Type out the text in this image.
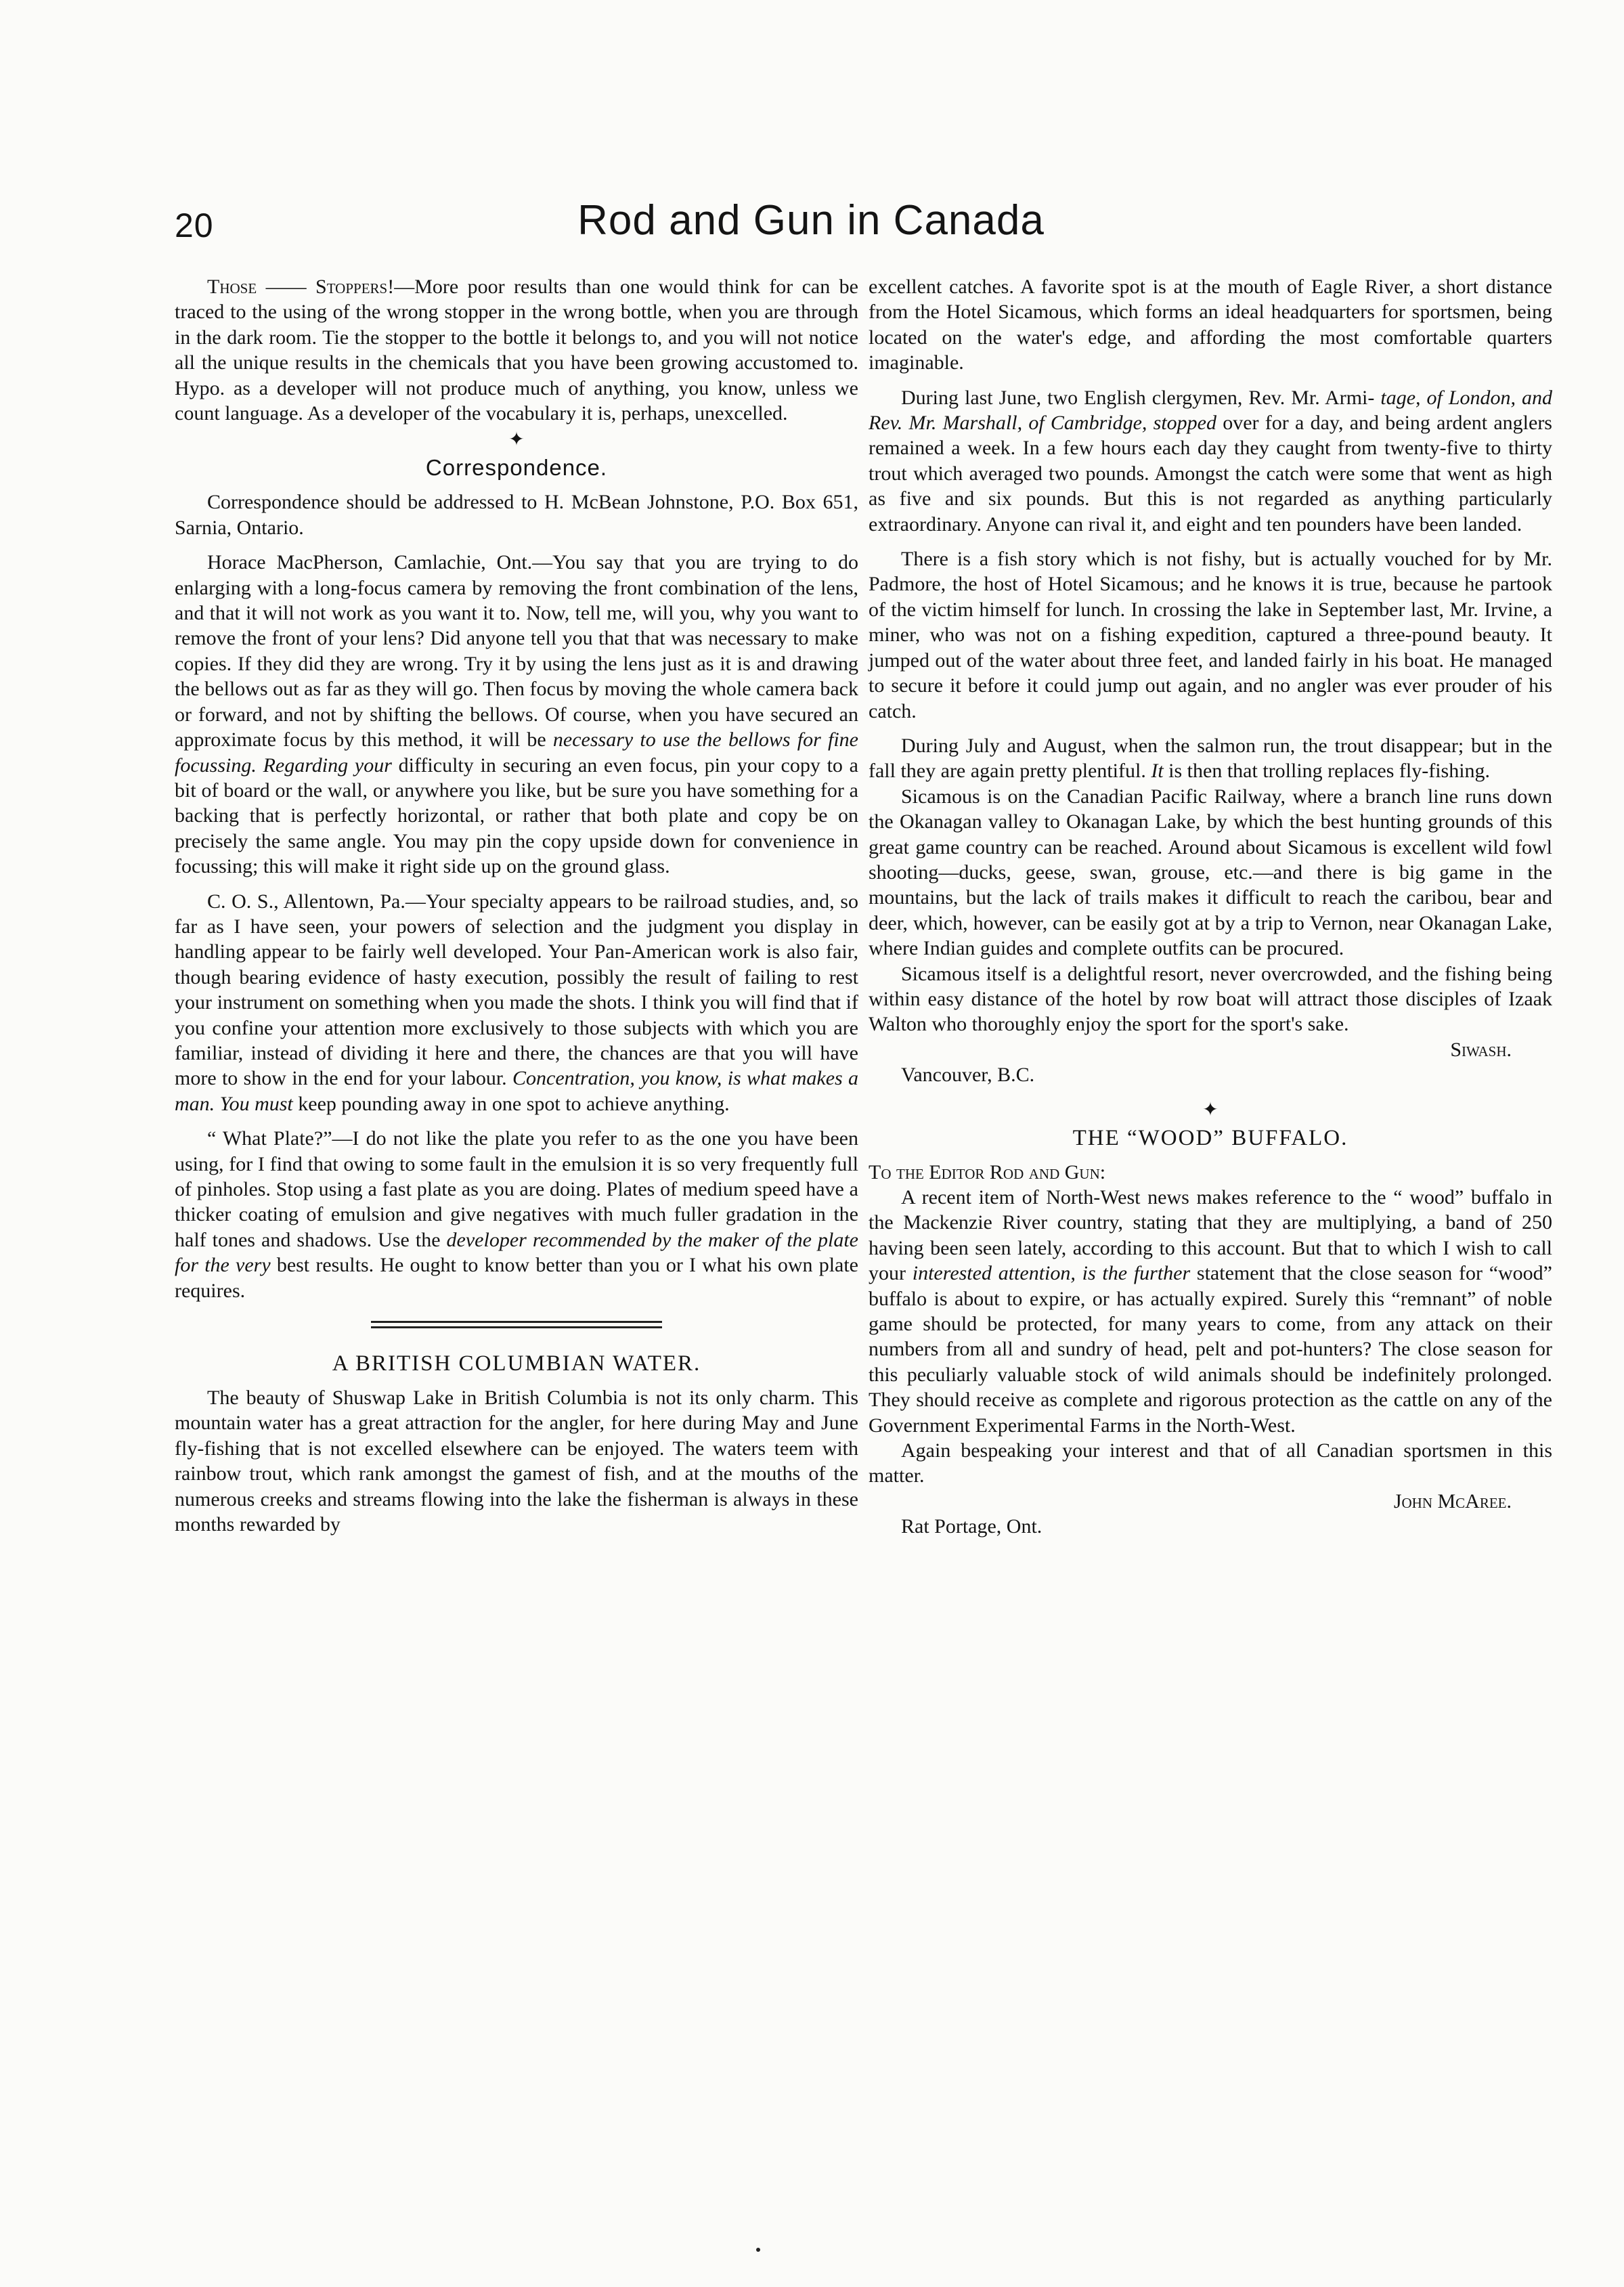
20	Rod and Gun in Canada

Those —— Stoppers!—More poor results than one would think for can be traced to the using of the wrong stopper in the wrong bottle, when you are through in the dark room. Tie the stopper to the bottle it belongs to, and you will not notice all the unique results in the chemicals that you have been growing accustomed to. Hypo. as a developer will not produce much of anything, you know, unless we count language. As a developer of the vocabulary it is, perhaps, unexcelled.

✦
Correspondence.

Correspondence should be addressed to H. McBean Johnstone, P.O. Box 651, Sarnia, Ontario.

Horace MacPherson, Camlachie, Ont.—You say that you are trying to do enlarging with a long-focus camera by removing the front combination of the lens, and that it will not work as you want it to. Now, tell me, will you, why you want to remove the front of your lens? Did anyone tell you that that was necessary to make copies. If they did they are wrong. Try it by using the lens just as it is and drawing the bellows out as far as they will go. Then focus by moving the whole camera back or forward, and not by shifting the bellows. Of course, when you have secured an approximate focus by this method, it will be necessary to use the bellows for fine focussing. Regarding your difficulty in securing an even focus, pin your copy to a bit of board or the wall, or anywhere you like, but be sure you have something for a backing that is perfectly horizontal, or rather that both plate and copy be on precisely the same angle. You may pin the copy upside down for convenience in focussing; this will make it right side up on the ground glass.

C. O. S., Allentown, Pa.—Your specialty appears to be railroad studies, and, so far as I have seen, your powers of selection and the judgment you display in handling appear to be fairly well developed. Your Pan-American work is also fair, though bearing evidence of hasty execution, possibly the result of failing to rest your instrument on something when you made the shots. I think you will find that if you confine your attention more exclusively to those subjects with which you are familiar, instead of dividing it here and there, the chances are that you will have more to show in the end for your labour. Concentration, you know, is what makes a man. You must keep pounding away in one spot to achieve anything.

“ What Plate?”—I do not like the plate you refer to as the one you have been using, for I find that owing to some fault in the emulsion it is so very frequently full of pinholes. Stop using a fast plate as you are doing. Plates of medium speed have a thicker coating of emulsion and give negatives with much fuller gradation in the half tones and shadows. Use the developer recommended by the maker of the plate for the very best results. He ought to know better than you or I what his own plate requires.

A BRITISH COLUMBIAN WATER.

The beauty of Shuswap Lake in British Columbia is not its only charm. This mountain water has a great attraction for the angler, for here during May and June fly-fishing that is not excelled elsewhere can be enjoyed. The waters teem with rainbow trout, which rank amongst the gamest of fish, and at the mouths of the numerous creeks and streams flowing into the lake the fisherman is always in these months rewarded by

excellent catches. A favorite spot is at the mouth of Eagle River, a short distance from the Hotel Sicamous, which forms an ideal headquarters for sportsmen, being located on the water's edge, and affording the most comfortable quarters imaginable.

During last June, two English clergymen, Rev. Mr. Armi- tage, of London, and Rev. Mr. Marshall, of Cambridge, stopped over for a day, and being ardent anglers remained a week. In a few hours each day they caught from twenty-five to thirty trout which averaged two pounds. Amongst the catch were some that went as high as five and six pounds. But this is not regarded as anything particularly extraordinary. Anyone can rival it, and eight and ten pounders have been landed.

There is a fish story which is not fishy, but is actually vouched for by Mr. Padmore, the host of Hotel Sicamous; and he knows it is true, because he partook of the victim himself for lunch. In crossing the lake in September last, Mr. Irvine, a miner, who was not on a fishing expedition, captured a three-pound beauty. It jumped out of the water about three feet, and landed fairly in his boat. He managed to secure it before it could jump out again, and no angler was ever prouder of his catch.

During July and August, when the salmon run, the trout disappear; but in the fall they are again pretty plentiful. It is then that trolling replaces fly-fishing.

Sicamous is on the Canadian Pacific Railway, where a branch line runs down the Okanagan valley to Okanagan Lake, by which the best hunting grounds of this great game country can be reached. Around about Sicamous is excellent wild fowl shooting—ducks, geese, swan, grouse, etc.—and there is big game in the mountains, but the lack of trails makes it difficult to reach the caribou, bear and deer, which, however, can be easily got at by a trip to Vernon, near Okanagan Lake, where Indian guides and complete outfits can be procured.

Sicamous itself is a delightful resort, never overcrowded, and the fishing being within easy distance of the hotel by row boat will attract those disciples of Izaak Walton who thoroughly enjoy the sport for the sport's sake.

Siwash.
Vancouver, B.C.
✦
THE “WOOD” BUFFALO.

To the Editor Rod and Gun:

A recent item of North-West news makes reference to the “ wood” buffalo in the Mackenzie River country, stating that they are multiplying, a band of 250 having been seen lately, according to this account. But that to which I wish to call your interested attention, is the further statement that the close season for “wood” buffalo is about to expire, or has actually expired. Surely this “remnant” of noble game should be protected, for many years to come, from any attack on their numbers from all and sundry of head, pelt and pot-hunters? The close season for this peculiarly valuable stock of wild animals should be indefinitely prolonged. They should receive as complete and rigorous protection as the cattle on any of the Government Experimental Farms in the North-West.

Again bespeaking your interest and that of all Canadian sportsmen in this matter.

John McAree.
Rat Portage, Ont.
